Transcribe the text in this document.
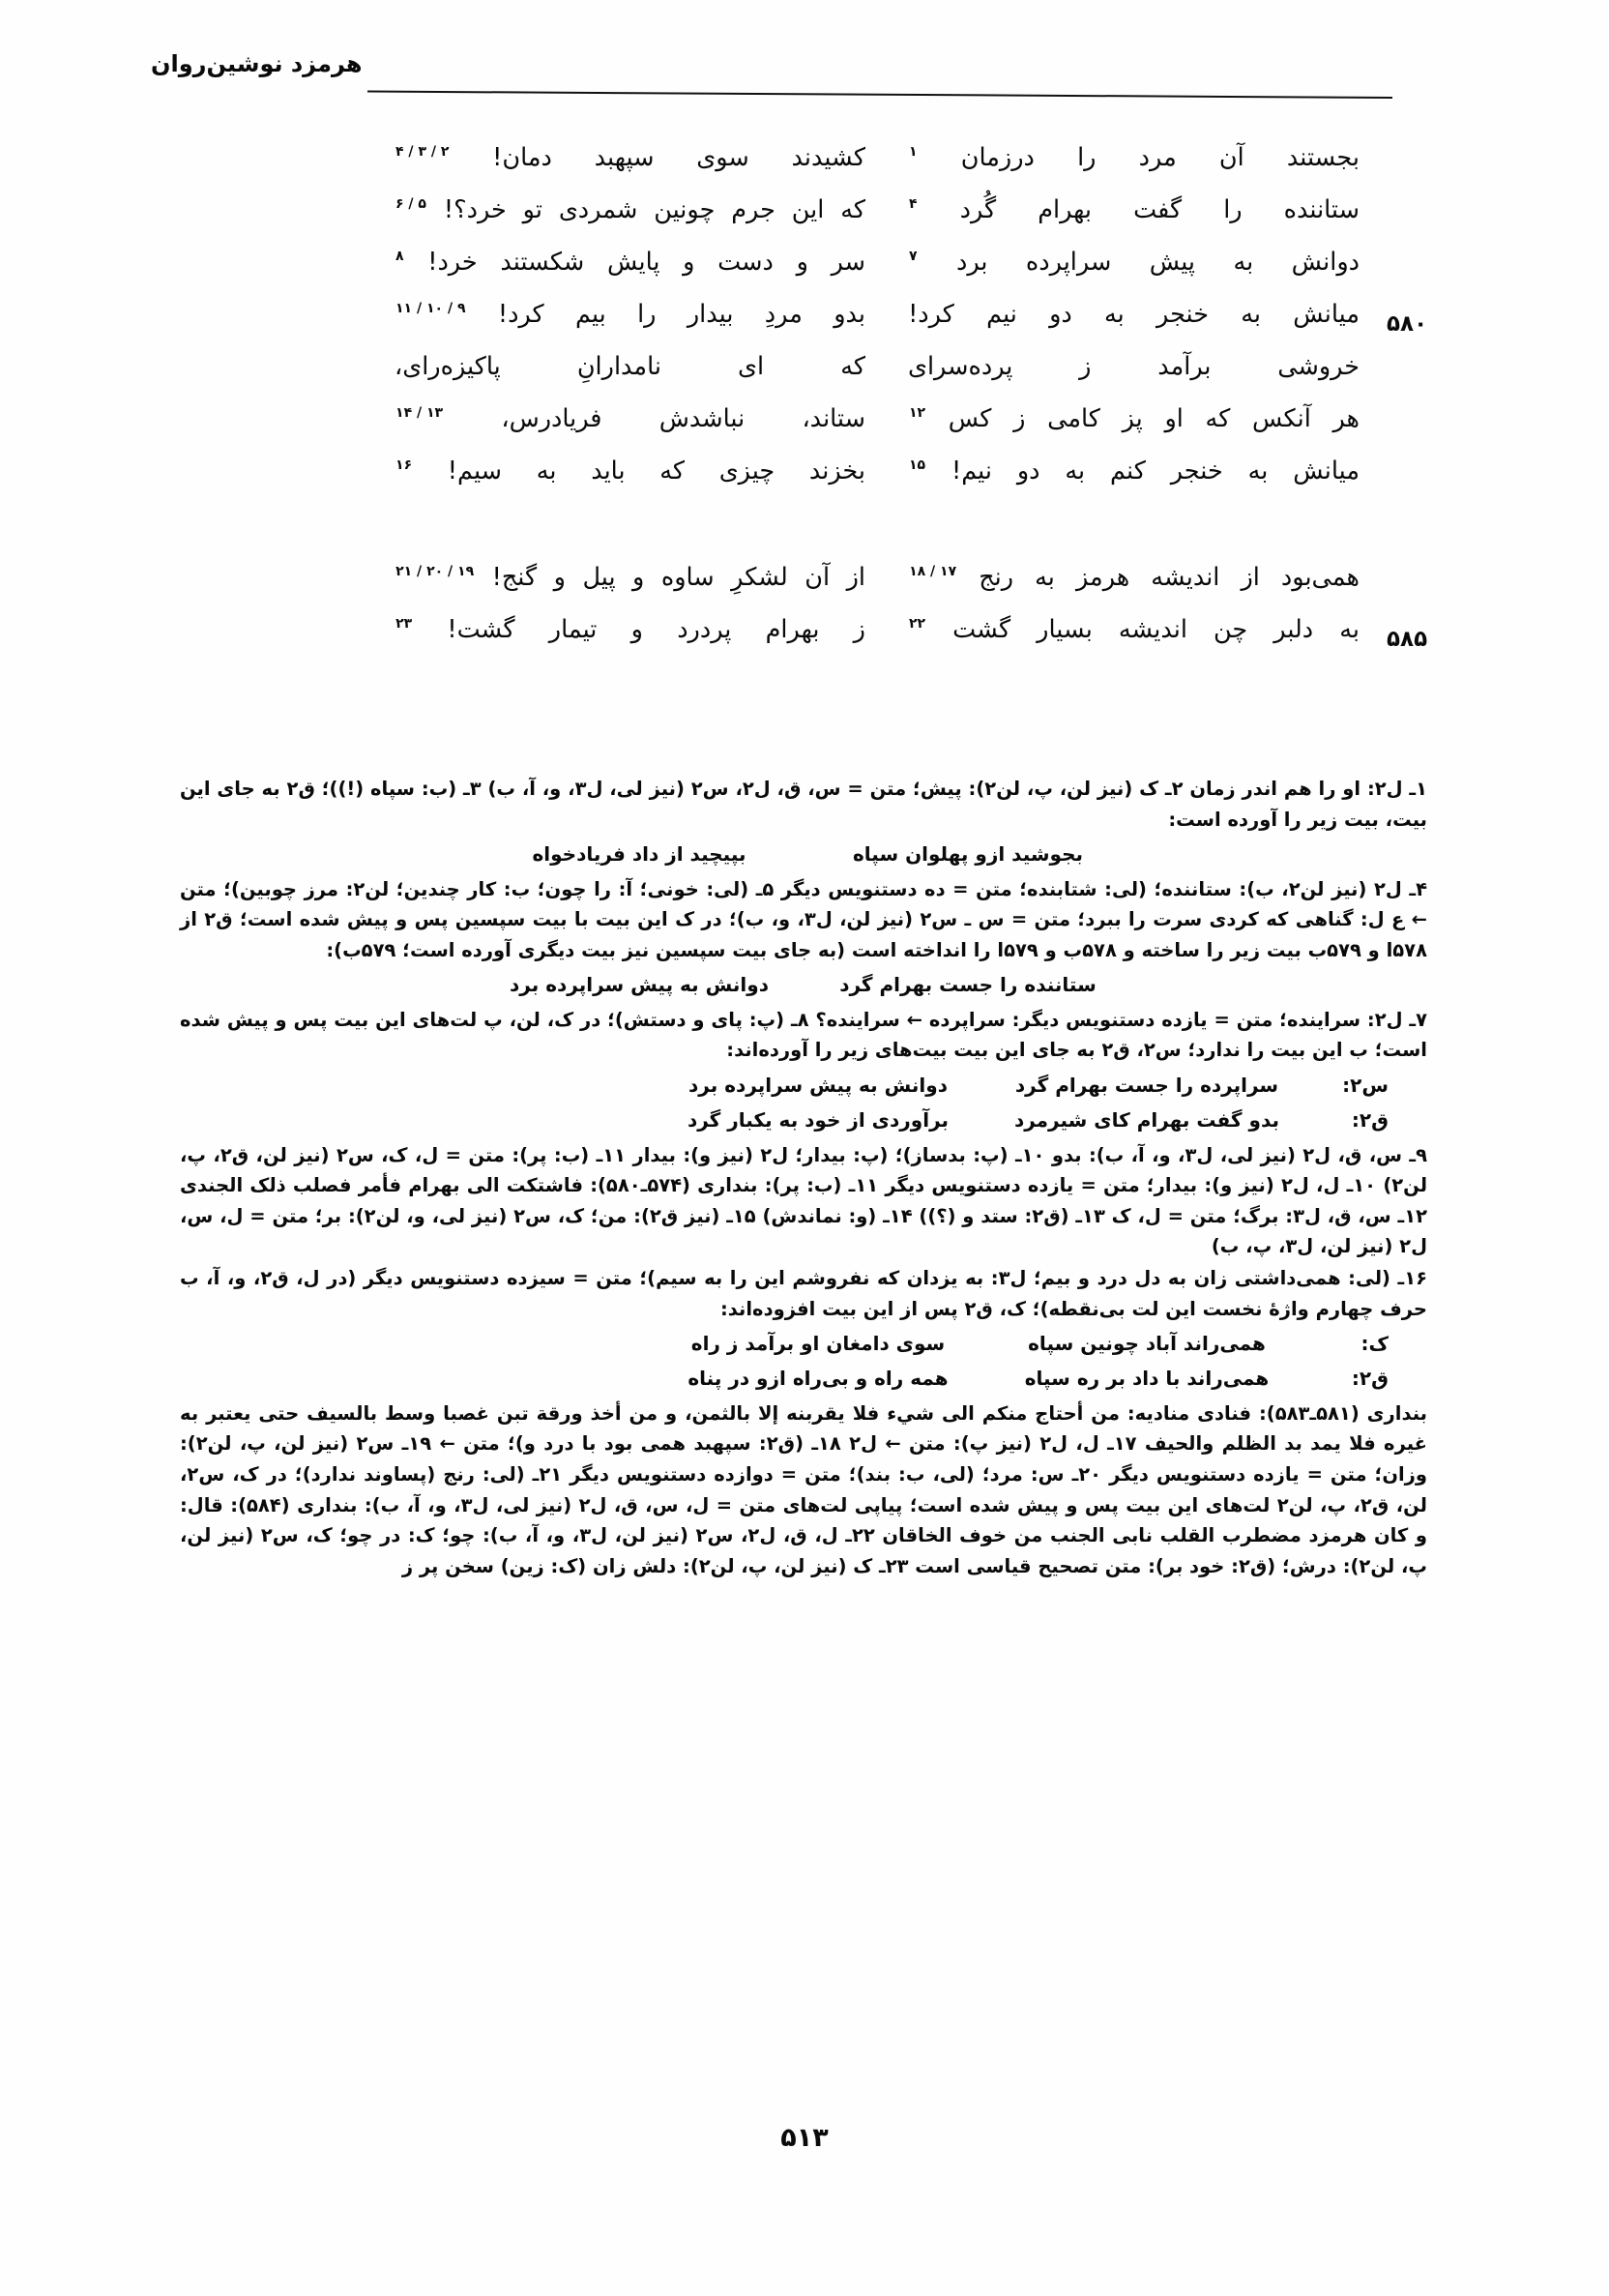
هرمزد نوشین‌روان
بجستند
آن
مرد
را
درزمان
۱
کشیدند
سوی
سپهبد
دمان!
۲ / ۳ / ۴
ستاننده
را
گفت
بهرام
گُرد
۴
که
این
جرم
چونین
شمردی
تو
خرد؟!
۵ / ۶
دوانش
به
پیش
سراپرده
برد
۷
سر
و
دست
و
پایش
شکستند
خرد!
۸
۵۸۰
میانش
به
خنجر
به
دو
نیم
کرد!
بدو
مردِ
بیدار
را
بیم
کرد!
۹ / ۱۰ / ۱۱
خروشی
برآمد
ز
پرده‌سرای
که
ای
نامدارانِ
پاکیزه‌رای،
هر
آنکس
که
او
پز
کامی
ز
کس
۱۲
ستاند،
نباشدش
فریادرس،
۱۳ / ۱۴
میانش
به
خنجر
کنم
به
دو
نیم!
۱۵
بخزند
چیزی
که
باید
به
سیم!
۱۶
همی‌بود
از
اندیشه
هرمز
به
رنج
۱۷ / ۱۸
از
آن
لشکرِ
ساوه
و
پیل
و
گنج!
۱۹ / ۲۰ / ۲۱
۵۸۵
به
دلبر
چن
اندیشه
بسیار
گشت
۲۲
ز
بهرام
پردرد
و
تیمار
گشت!
۲۳

۱ـ ل۲: او را هم اندر زمان ۲ـ ک (نیز لن، پ، لن۲): پیش؛ متن = س، ق، ل۲، س۲ (نیز لی، ل۳، و، آ، ب) ۳ـ (ب: سپاه (!))؛ ق۲ به جای این بیت، بیت زیر را آورده است:

بجوشید ازو پهلوان سپاه
بپیچید از داد فریادخواه

۴ـ ل۲ (نیز لن۲، ب): ستاننده؛ (لی: شتابنده؛ متن = ده دستنویس دیگر ۵ـ (لی: خونی؛ آ: را چون؛ ب: کار چندین؛ لن۲: مرز چوبین)؛ متن ← ع ل: گناهی که کردی سرت را ببرد؛ متن = س ـ س۲ (نیز لن، ل۳، و، ب)؛ در ک این بیت با بیت سپسین پس و پیش شده است؛ ق۲ از ۵۷۸ا و ۵۷۹ب بیت زیر را ساخته و ۵۷۸ب و ۵۷۹ا را انداخته است (به جای بیت سپسین نیز بیت دیگری آورده است؛ ۵۷۹ب):

ستاننده را جست بهرام گرد
دوانش به پیش سراپرده برد

۷ـ ل۲: سراینده؛ متن = یازده دستنویس دیگر: سراپرده ← سراینده؟ ۸ـ (پ: پای و دستش)؛ در ک، لن، پ لت‌های این بیت پس و پیش شده است؛ ب این بیت را ندارد؛ س۲، ق۲ به جای این بیت بیت‌های زیر را آورده‌اند:

س۲:
سراپرده را جست بهرام گرد
دوانش به پیش سراپرده برد
ق۲:
بدو گفت بهرام کای شیرمرد
برآوردی از خود به یکبار گرد

۹ـ س، ق، ل۲ (نیز لی، ل۳، و، آ، ب): بدو ۱۰ـ (پ: بدساز)؛ (پ: بیدار؛ ل۲ (نیز و): بیدار ۱۱ـ (ب: پر): متن = ل، ک، س۲ (نیز لن، ق۲، پ، لن۲) ۱۰ـ ل، ل۲ (نیز و): بیدار؛ متن = یازده دستنویس دیگر ۱۱ـ (ب: پر): بندارى (۵۷۴ـ۵۸۰): فاشتکت الی بهرام فأمر فصلب ذلک الجندی ۱۲ـ س، ق، ل۳: برگ؛ متن = ل، ک ۱۳ـ (ق۲: ستد و (؟)) ۱۴ـ (و: نماندش) ۱۵ـ (نیز ق۲): من؛ ک، س۲ (نیز لی، و، لن۲): بر؛ متن = ل، س، ل۲ (نیز لن، ل۳، پ، ب)

۱۶ـ (لی: همی‌داشتی زان به دل درد و بیم؛ ل۳: به یزدان که نفروشم این را به سیم)؛ متن = سیزده دستنویس دیگر (در ل، ق۲، و، آ، ب حرف چهارم واژهٔ نخست این لت بی‌نقطه)؛ ک، ق۲ پس از این بیت افزوده‌اند:

ک:
همی‌راند آباد چونین سپاه
سوی دامغان او برآمد ز راه
ق۲:
همی‌راند با داد بر ره سپاه
همه راه و بی‌راه ازو در پناه

بندارى (۵۸۱ـ۵۸۳): فنادى مناديه: من أحتاج منكم الى شيء فلا يقربنه إلا بالثمن، و من أخذ ورقة تبن غصبا وسط بالسيف حتى يعتبر به غيره فلا يمد بد الظلم والحيف ۱۷ـ ل، ل۲ (نیز پ): متن ← ل۲ ۱۸ـ (ق۲: سپهبد همی بود با درد و)؛ متن ← ۱۹ـ س۲ (نیز لن، پ، لن۲): وزان؛ متن = یازده دستنویس دیگر ۲۰ـ س: مرد؛ (لی، ب: بند)؛ متن = دوازده دستنویس دیگر ۲۱ـ (لی: رنج (پساوند ندارد)؛ در ک، س۲، لن، ق۲، پ، لن۲ لت‌های این بیت پس و پیش شده است؛ پیاپی لت‌های متن = ل، س، ق، ل۲ (نیز لی، ل۳، و، آ، ب): بندارى (۵۸۴): قال: و كان هرمزد مضطرب القلب نابی الجنب من خوف الخاقان ۲۲ـ ل، ق، ل۲، س۲ (نیز لن، ل۳، و، آ، ب): چو؛ ک: در چو؛ ک، س۲ (نیز لن، پ، لن۲): درش؛ (ق۲: خود بر): متن تصحیح قیاسی است ۲۳ـ ک (نیز لن، پ، لن۲): دلش زان (ک: زین) سخن پر ز

۵۱۳
